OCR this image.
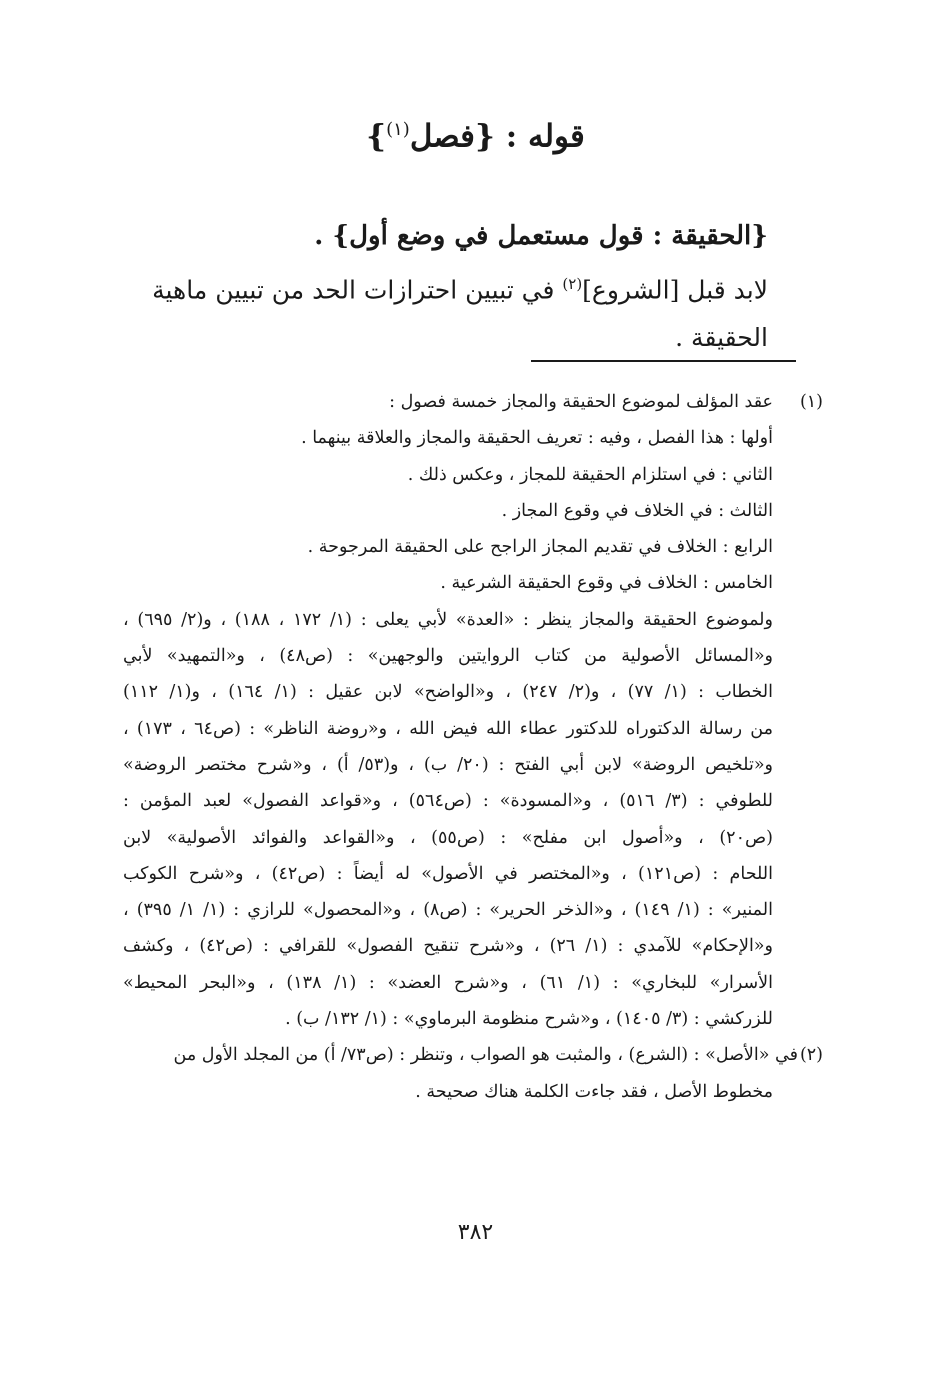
قوله : {فصل$^{(١)}$}

{الحقيقة : قول مستعمل في وضع أول} .

لابد قبل [الشروع]$^{(٢)}$ في تبيين احترازات الحد من تبيين ماهية الحقيقة .

(١)
عقد المؤلف لموضوع الحقيقة والمجاز خمسة فصول :
أولها : هذا الفصل ، وفيه : تعريف الحقيقة والمجاز والعلاقة بينهما .
الثاني : في استلزام الحقيقة للمجاز ، وعكس ذلك .
الثالث : في الخلاف في وقوع المجاز .
الرابع : الخلاف في تقديم المجاز الراجح على الحقيقة المرجوحة .
الخامس : الخلاف في وقوع الحقيقة الشرعية .
ولموضوع الحقيقة والمجاز ينظر : «العدة» لأبي يعلى : (١/ ١٧٢ ، ١٨٨) ، و(٢/ ٦٩٥) ،
و«المسائل الأصولية من كتاب الروايتين والوجهين» : (ص٤٨) ، و«التمهيد» لأبي
الخطاب : (١/ ٧٧) ، و(٢/ ٢٤٧) ، و«الواضح» لابن عقيل : (١/ ١٦٤) ، و(١/ ١١٢)
من رسالة الدكتوراه للدكتور عطاء الله فيض الله ، و«روضة الناظر» : (ص٦٤ ، ١٧٣) ،
و«تلخيص الروضة» لابن أبي الفتح : (٢٠/ ب) ، و(٥٣/ أ) ، و«شرح مختصر الروضة»
للطوفي : (٣/ ٥١٦) ، و«المسودة» : (ص٥٦٤) ، و«قواعد الفصول» لعبد المؤمن :
(ص٢٠) ، و«أصول ابن مفلح» : (ص٥٥) ، و«القواعد والفوائد الأصولية» لابن
اللحام : (ص١٢١) ، و«المختصر في الأصول» له أيضاً : (ص٤٢) ، و«شرح الكوكب
المنير» : (١/ ١٤٩) ، و«الذخر الحرير» : (ص٨) ، و«المحصول» للرازي : (١/ ١/ ٣٩٥) ،
و«الإحكام» للآمدي : (١/ ٢٦) ، و«شرح تنقيح الفصول» للقرافي : (ص٤٢) ، وكشف
الأسرار» للبخاري» : (١/ ٦١) ، و«شرح العضد» : (١/ ١٣٨) ، و«البحر المحيط»
للزركشي : (٣/ ١٤٠٥) ، و«شرح منظومة البرماوي» : (١/ ١٣٢/ ب) .
(٢)
في «الأصل» : (الشرع) ، والمثبت هو الصواب ، وتنظر : (ص٧٣/ أ) من المجلد الأول من
مخطوط الأصل ، فقد جاءت الكلمة هناك صحيحة .
٣٨٢
